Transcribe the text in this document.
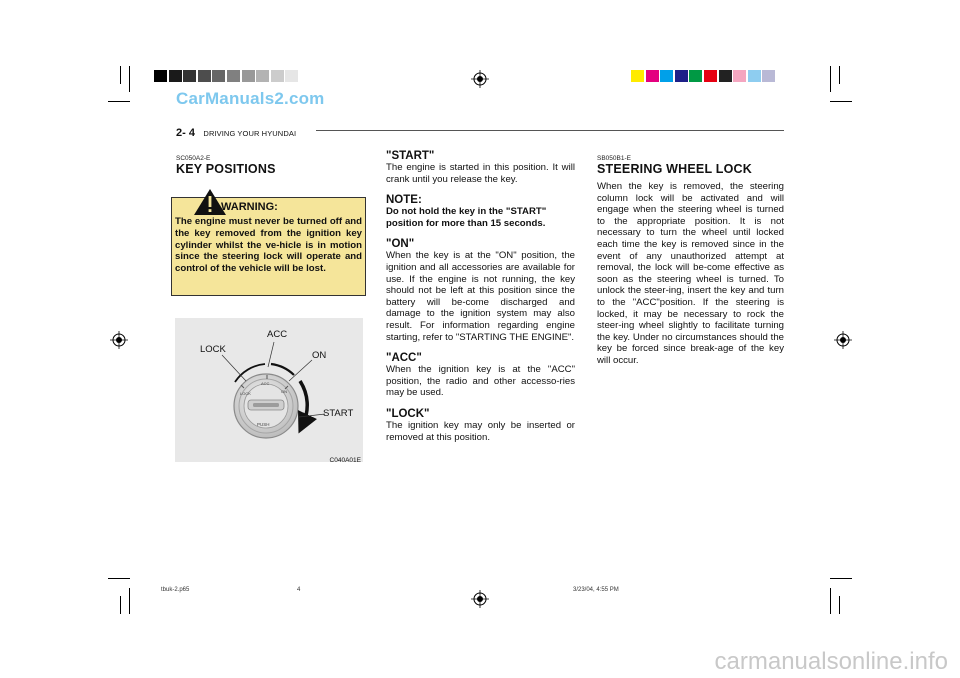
CarManuals2.com
carmanualsonline.info
2- 4 DRIVING YOUR HYUNDAI
SC050A2-E
KEY POSITIONS
WARNING:
The engine must never be turned off and the key removed from the ignition key cylinder whilst the ve-hicle is in motion since the steering lock will operate and control of the vehicle will be lost.
LOCK
ACC
ON
START
LOCK
ACC
ON
PUSH
C040A01E
"START"
The engine is started in this position. It will crank until you release the key.
NOTE:
Do not hold the key in the "START" position for more than 15 seconds.
"ON"
When the key is at the "ON" position, the ignition and all accessories are available for use. If the engine is not running, the key should not be left at this position since the battery will be-come discharged and damage to the ignition system may also result. For information regarding engine starting, refer to "STARTING THE ENGINE".
"ACC"
When the ignition key is at the "ACC" position, the radio and other accesso-ries may be used.
"LOCK"
The ignition key may only be inserted or removed at this position.
SB050B1-E
STEERING WHEEL LOCK
When the key is removed, the steering column lock will be activated and will engage when the steering wheel is turned to the appropriate position. It is not necessary to turn the wheel until locked each time the key is removed since in the event of any unauthorized attempt at removal, the lock will be-come effective as soon as the steering wheel is turned. To unlock the steer-ing, insert the key and turn to the "ACC"position. If the steering is locked, it may be necessary to rock the steer-ing wheel slightly to facilitate turning the key. Under no circumstances should the key be forced since break-age of the key will occur.
tbuk-2.p65	4	3/23/04, 4:55 PM
